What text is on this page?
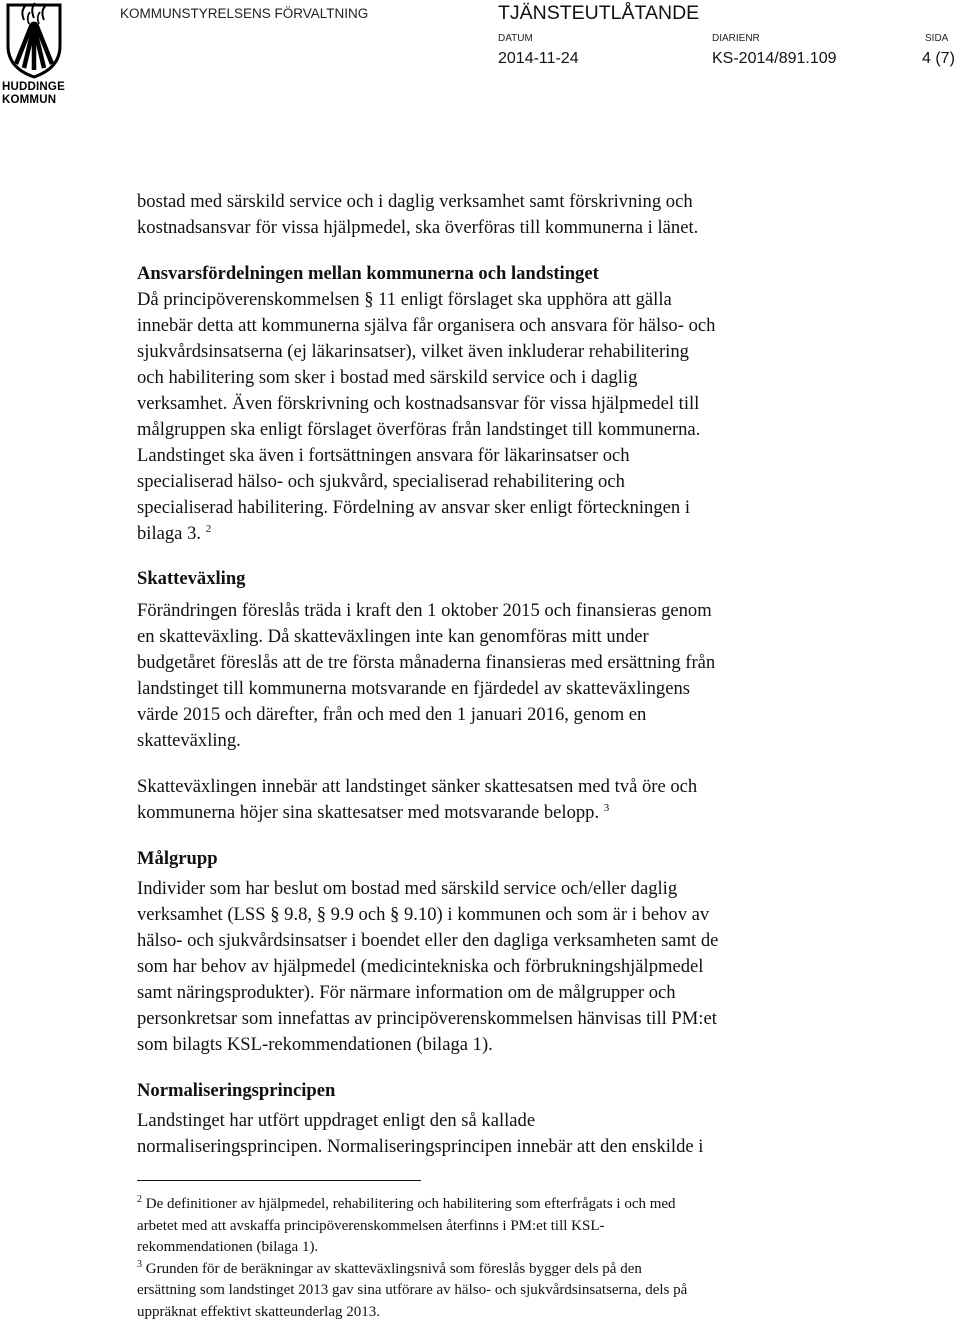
HUDDINGE
KOMMUN
KOMMUNSTYRELSENS FÖRVALTNING	TJÄNSTEUTLÅTANDE
DATUM
2014-11-24
DIARIENR
KS-2014/891.109
SIDA
4 (7)

bostad med särskild service och i daglig verksamhet samt förskrivning och
kostnadsansvar för vissa hjälpmedel, ska överföras till kommunerna i länet.

Ansvarsfördelningen mellan kommunerna och landstinget

Då principöverenskommelsen § 11 enligt förslaget ska upphöra att gälla
innebär detta att kommunerna själva får organisera och ansvara för hälso- och
sjukvårdsinsatserna (ej läkarinsatser), vilket även inkluderar rehabilitering
och habilitering som sker i bostad med särskild service och i daglig
verksamhet. Även förskrivning och kostnadsansvar för vissa hjälpmedel till
målgruppen ska enligt förslaget överföras från landstinget till kommunerna.
Landstinget ska även i fortsättningen ansvara för läkarinsatser och
specialiserad hälso- och sjukvård, specialiserad rehabilitering och
specialiserad habilitering. Fördelning av ansvar sker enligt förteckningen i
bilaga 3. $^2$

Skatteväxling

Förändringen föreslås träda i kraft den 1 oktober 2015 och finansieras genom
en skatteväxling. Då skatteväxlingen inte kan genomföras mitt under
budgetåret föreslås att de tre första månaderna finansieras med ersättning från
landstinget till kommunerna motsvarande en fjärdedel av skatteväxlingens
värde 2015 och därefter, från och med den 1 januari 2016, genom en
skatteväxling.

Skatteväxlingen innebär att landstinget sänker skattesatsen med två öre och
kommunerna höjer sina skattesatser med motsvarande belopp. $^3$

Målgrupp

Individer som har beslut om bostad med särskild service och/eller daglig
verksamhet (LSS § 9.8, § 9.9 och § 9.10) i kommunen och som är i behov av
hälso- och sjukvårdsinsatser i boendet eller den dagliga verksamheten samt de
som har behov av hjälpmedel (medicintekniska och förbrukningshjälpmedel
samt näringsprodukter). För närmare information om de målgrupper och
personkretsar som innefattas av principöverenskommelsen hänvisas till PM:et
som bilagts KSL-rekommendationen (bilaga 1).

Normaliseringsprincipen

Landstinget har utfört uppdraget enligt den så kallade
normaliseringsprincipen. Normaliseringsprincipen innebär att den enskilde i

$^2$ De definitioner av hjälpmedel, rehabilitering och habilitering som efterfrågats i och med
arbetet med att avskaffa principöverenskommelsen återfinns i PM:et till KSL-
rekommendationen (bilaga 1).

$^3$ Grunden för de beräkningar av skatteväxlingsnivå som föreslås bygger dels på den
ersättning som landstinget 2013 gav sina utförare av hälso- och sjukvårdsinsatserna, dels på
uppräknat effektivt skatteunderlag 2013.
